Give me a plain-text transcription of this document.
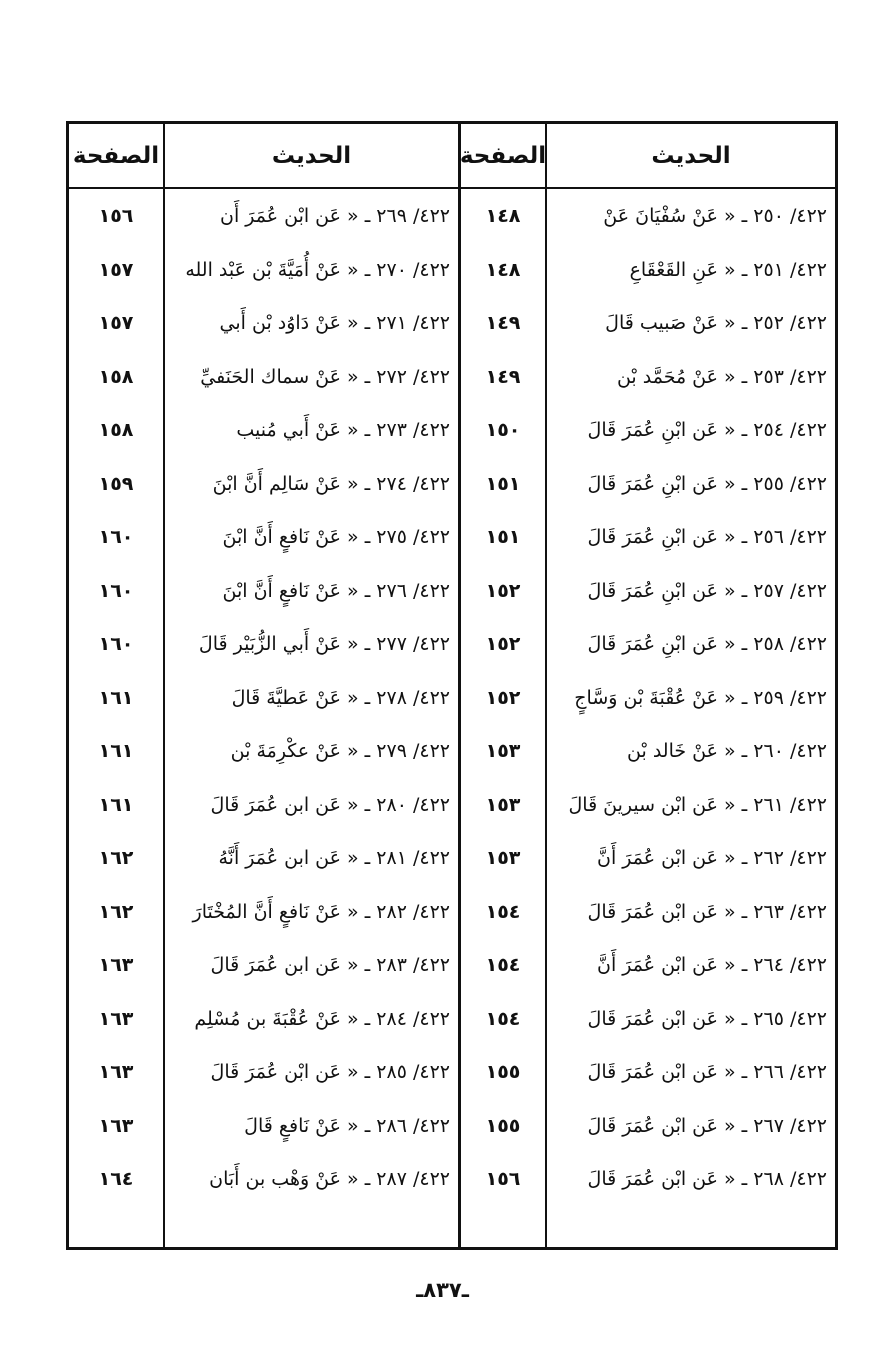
الحديث
الصفحة
الحديث
الصفحة
٤٢٢/ ٢٥٠ ـ « عَنْ سُفْيَانَ عَنْ
١٤٨
٤٢٢/ ٢٦٩ ـ « عَن ابْن عُمَرَ أَن
١٥٦
٤٢٢/ ٢٥١ ـ « عَنِ القَعْقَاعِ
١٤٨
٤٢٢/ ٢٧٠ ـ « عَنْ أُمَيَّةَ بْن عَبْد الله
١٥٧
٤٢٢/ ٢٥٢ ـ « عَنْ صَبيب قَالَ
١٤٩
٤٢٢/ ٢٧١ ـ « عَنْ دَاوُد بْن أَبي
١٥٧
٤٢٢/ ٢٥٣ ـ « عَنْ مُحَمَّد بْن
١٤٩
٤٢٢/ ٢٧٢ ـ « عَنْ سماك الحَنَفيِّ
١٥٨
٤٢٢/ ٢٥٤ ـ « عَن ابْنِ عُمَرَ قَالَ
١٥٠
٤٢٢/ ٢٧٣ ـ « عَنْ أَبي مُنيب
١٥٨
٤٢٢/ ٢٥٥ ـ « عَن ابْنِ عُمَرَ قَالَ
١٥١
٤٢٢/ ٢٧٤ ـ « عَنْ سَالِم أَنَّ ابْنَ
١٥٩
٤٢٢/ ٢٥٦ ـ « عَن ابْنِ عُمَرَ قَالَ
١٥١
٤٢٢/ ٢٧٥ ـ « عَنْ نَافعٍ أَنَّ ابْنَ
١٦٠
٤٢٢/ ٢٥٧ ـ « عَن ابْنِ عُمَرَ قَالَ
١٥٢
٤٢٢/ ٢٧٦ ـ « عَنْ نَافعٍ أَنَّ ابْنَ
١٦٠
٤٢٢/ ٢٥٨ ـ « عَن ابْنِ عُمَرَ قَالَ
١٥٢
٤٢٢/ ٢٧٧ ـ « عَنْ أَبي الزُّبَيْر قَالَ
١٦٠
٤٢٢/ ٢٥٩ ـ « عَنْ عُقْبَةَ بْن وَسَّاجٍ
١٥٢
٤٢٢/ ٢٧٨ ـ « عَنْ عَطيَّةَ قَالَ
١٦١
٤٢٢/ ٢٦٠ ـ « عَنْ خَالد بْن
١٥٣
٤٢٢/ ٢٧٩ ـ « عَنْ عكْرِمَةَ بْن
١٦١
٤٢٢/ ٢٦١ ـ « عَن ابْن سيرينَ قَالَ
١٥٣
٤٢٢/ ٢٨٠ ـ « عَن ابن عُمَرَ قَالَ
١٦١
٤٢٢/ ٢٦٢ ـ « عَن ابْن عُمَرَ أَنَّ
١٥٣
٤٢٢/ ٢٨١ ـ « عَن ابن عُمَرَ أَنَّهُ
١٦٢
٤٢٢/ ٢٦٣ ـ « عَن ابْن عُمَرَ قَالَ
١٥٤
٤٢٢/ ٢٨٢ ـ « عَنْ نَافعٍ أَنَّ المُخْتَارَ
١٦٢
٤٢٢/ ٢٦٤ ـ « عَن ابْن عُمَرَ أَنَّ
١٥٤
٤٢٢/ ٢٨٣ ـ « عَن ابن عُمَرَ قَالَ
١٦٣
٤٢٢/ ٢٦٥ ـ « عَن ابْن عُمَرَ قَالَ
١٥٤
٤٢٢/ ٢٨٤ ـ « عَنْ عُقْبَةَ بن مُسْلِم
١٦٣
٤٢٢/ ٢٦٦ ـ « عَن ابْن عُمَرَ قَالَ
١٥٥
٤٢٢/ ٢٨٥ ـ « عَن ابْن عُمَرَ قَالَ
١٦٣
٤٢٢/ ٢٦٧ ـ « عَن ابْن عُمَرَ قَالَ
١٥٥
٤٢٢/ ٢٨٦ ـ « عَنْ نَافعٍ قَالَ
١٦٣
٤٢٢/ ٢٦٨ ـ « عَن ابْن عُمَرَ قَالَ
١٥٦
٤٢٢/ ٢٨٧ ـ « عَنْ وَهْب بن أَبَان
١٦٤
ـ٨٣٧ـ
